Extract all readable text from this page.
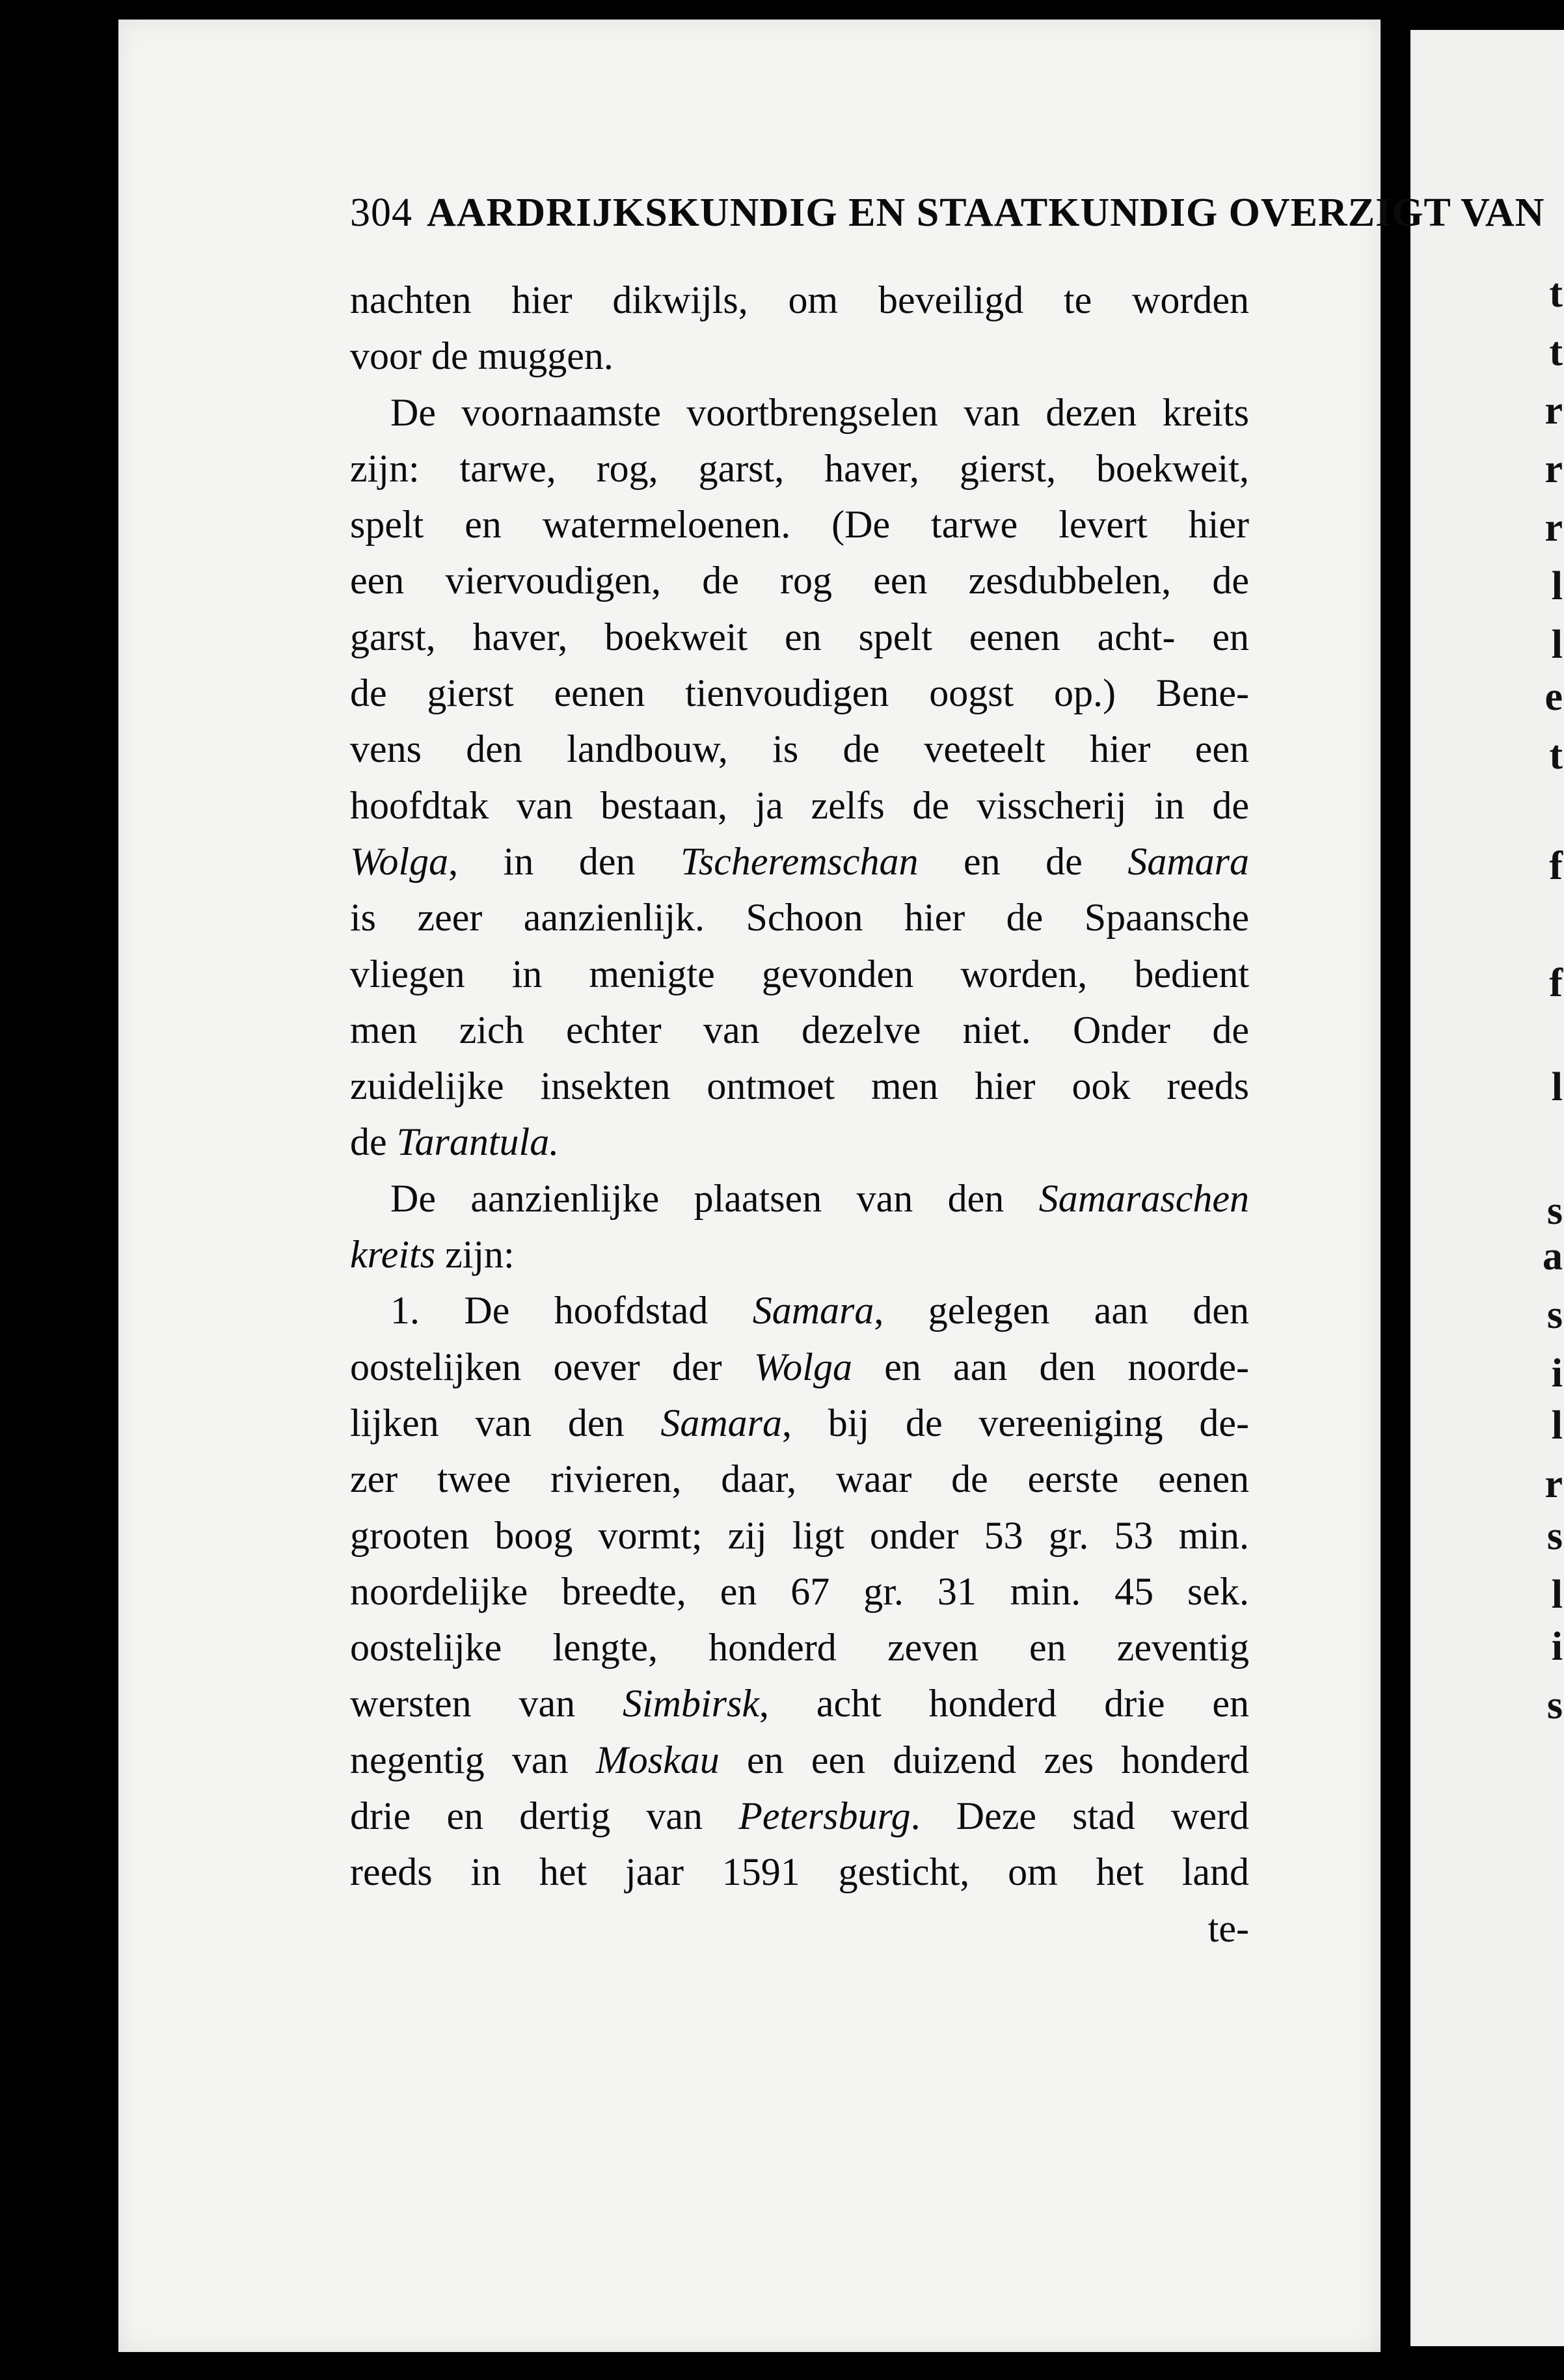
t
t
r
r
r
l
l
e
t
f
f
l
s
a
s
i
l
r
s
l
i
s
304 AARDRIJKSKUNDIG EN STAATKUNDIG OVERZIGT VAN
nachten hier dikwijls, om beveiligd te worden
voor de muggen.
De voornaamste voortbrengselen van dezen kreits
zijn: tarwe, rog, garst, haver, gierst, boekweit,
spelt en watermeloenen. (De tarwe levert hier
een viervoudigen, de rog een zesdubbelen, de
garst, haver, boekweit en spelt eenen acht- en
de gierst eenen tienvoudigen oogst op.) Bene-
vens den landbouw, is de veeteelt hier een
hoofdtak van bestaan, ja zelfs de visscherij in de
Wolga, in den Tscheremschan en de Samara
is zeer aanzienlijk. Schoon hier de Spaansche
vliegen in menigte gevonden worden, bedient
men zich echter van dezelve niet. Onder de
zuidelijke insekten ontmoet men hier ook reeds
de Tarantula.
De aanzienlijke plaatsen van den Samaraschen
kreits zijn:
1. De hoofdstad Samara, gelegen aan den
oostelijken oever der Wolga en aan den noorde-
lijken van den Samara, bij de vereeniging de-
zer twee rivieren, daar, waar de eerste eenen
grooten boog vormt; zij ligt onder 53 gr. 53 min.
noordelijke breedte, en 67 gr. 31 min. 45 sek.
oostelijke lengte, honderd zeven en zeventig
wersten van Simbirsk, acht honderd drie en
negentig van Moskau en een duizend zes honderd
drie en dertig van Petersburg. Deze stad werd
reeds in het jaar 1591 gesticht, om het land
te-
